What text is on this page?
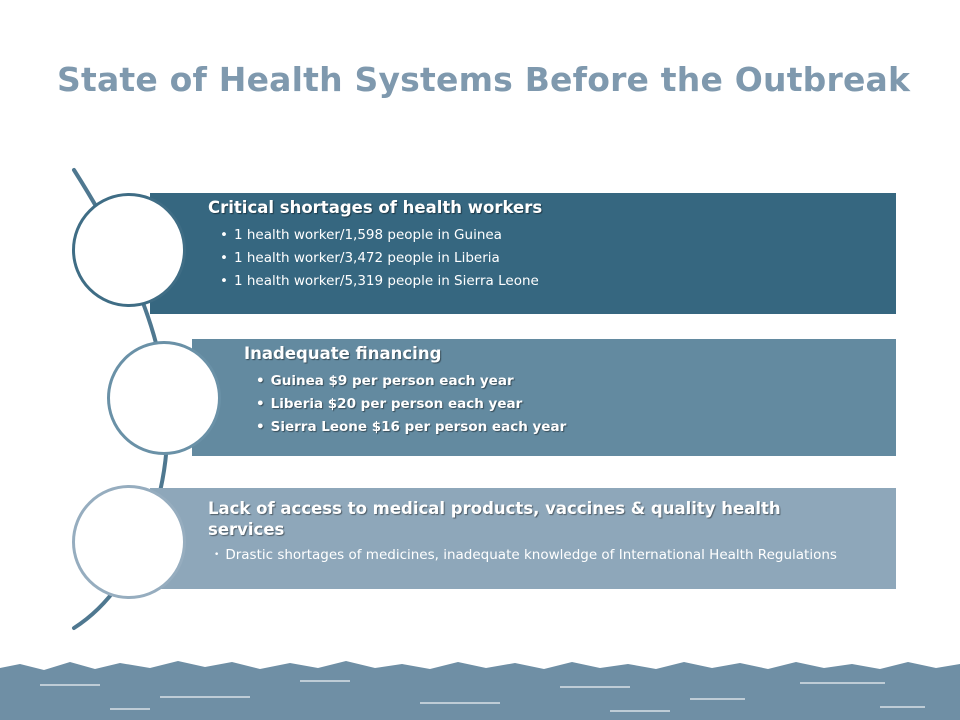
State of Health Systems Before the Outbreak
Critical shortages of health workers
• 1 health worker/1,598 people in Guinea
• 1 health worker/3,472 people in Liberia
• 1 health worker/5,319 people in Sierra Leone
Inadequate financing
• Guinea $9 per person each year
• Liberia $20 per person each year
• Sierra Leone $16 per person each year
Lack of access to medical products, vaccines & quality health services
• Drastic shortages of medicines, inadequate knowledge of International Health Regulations
